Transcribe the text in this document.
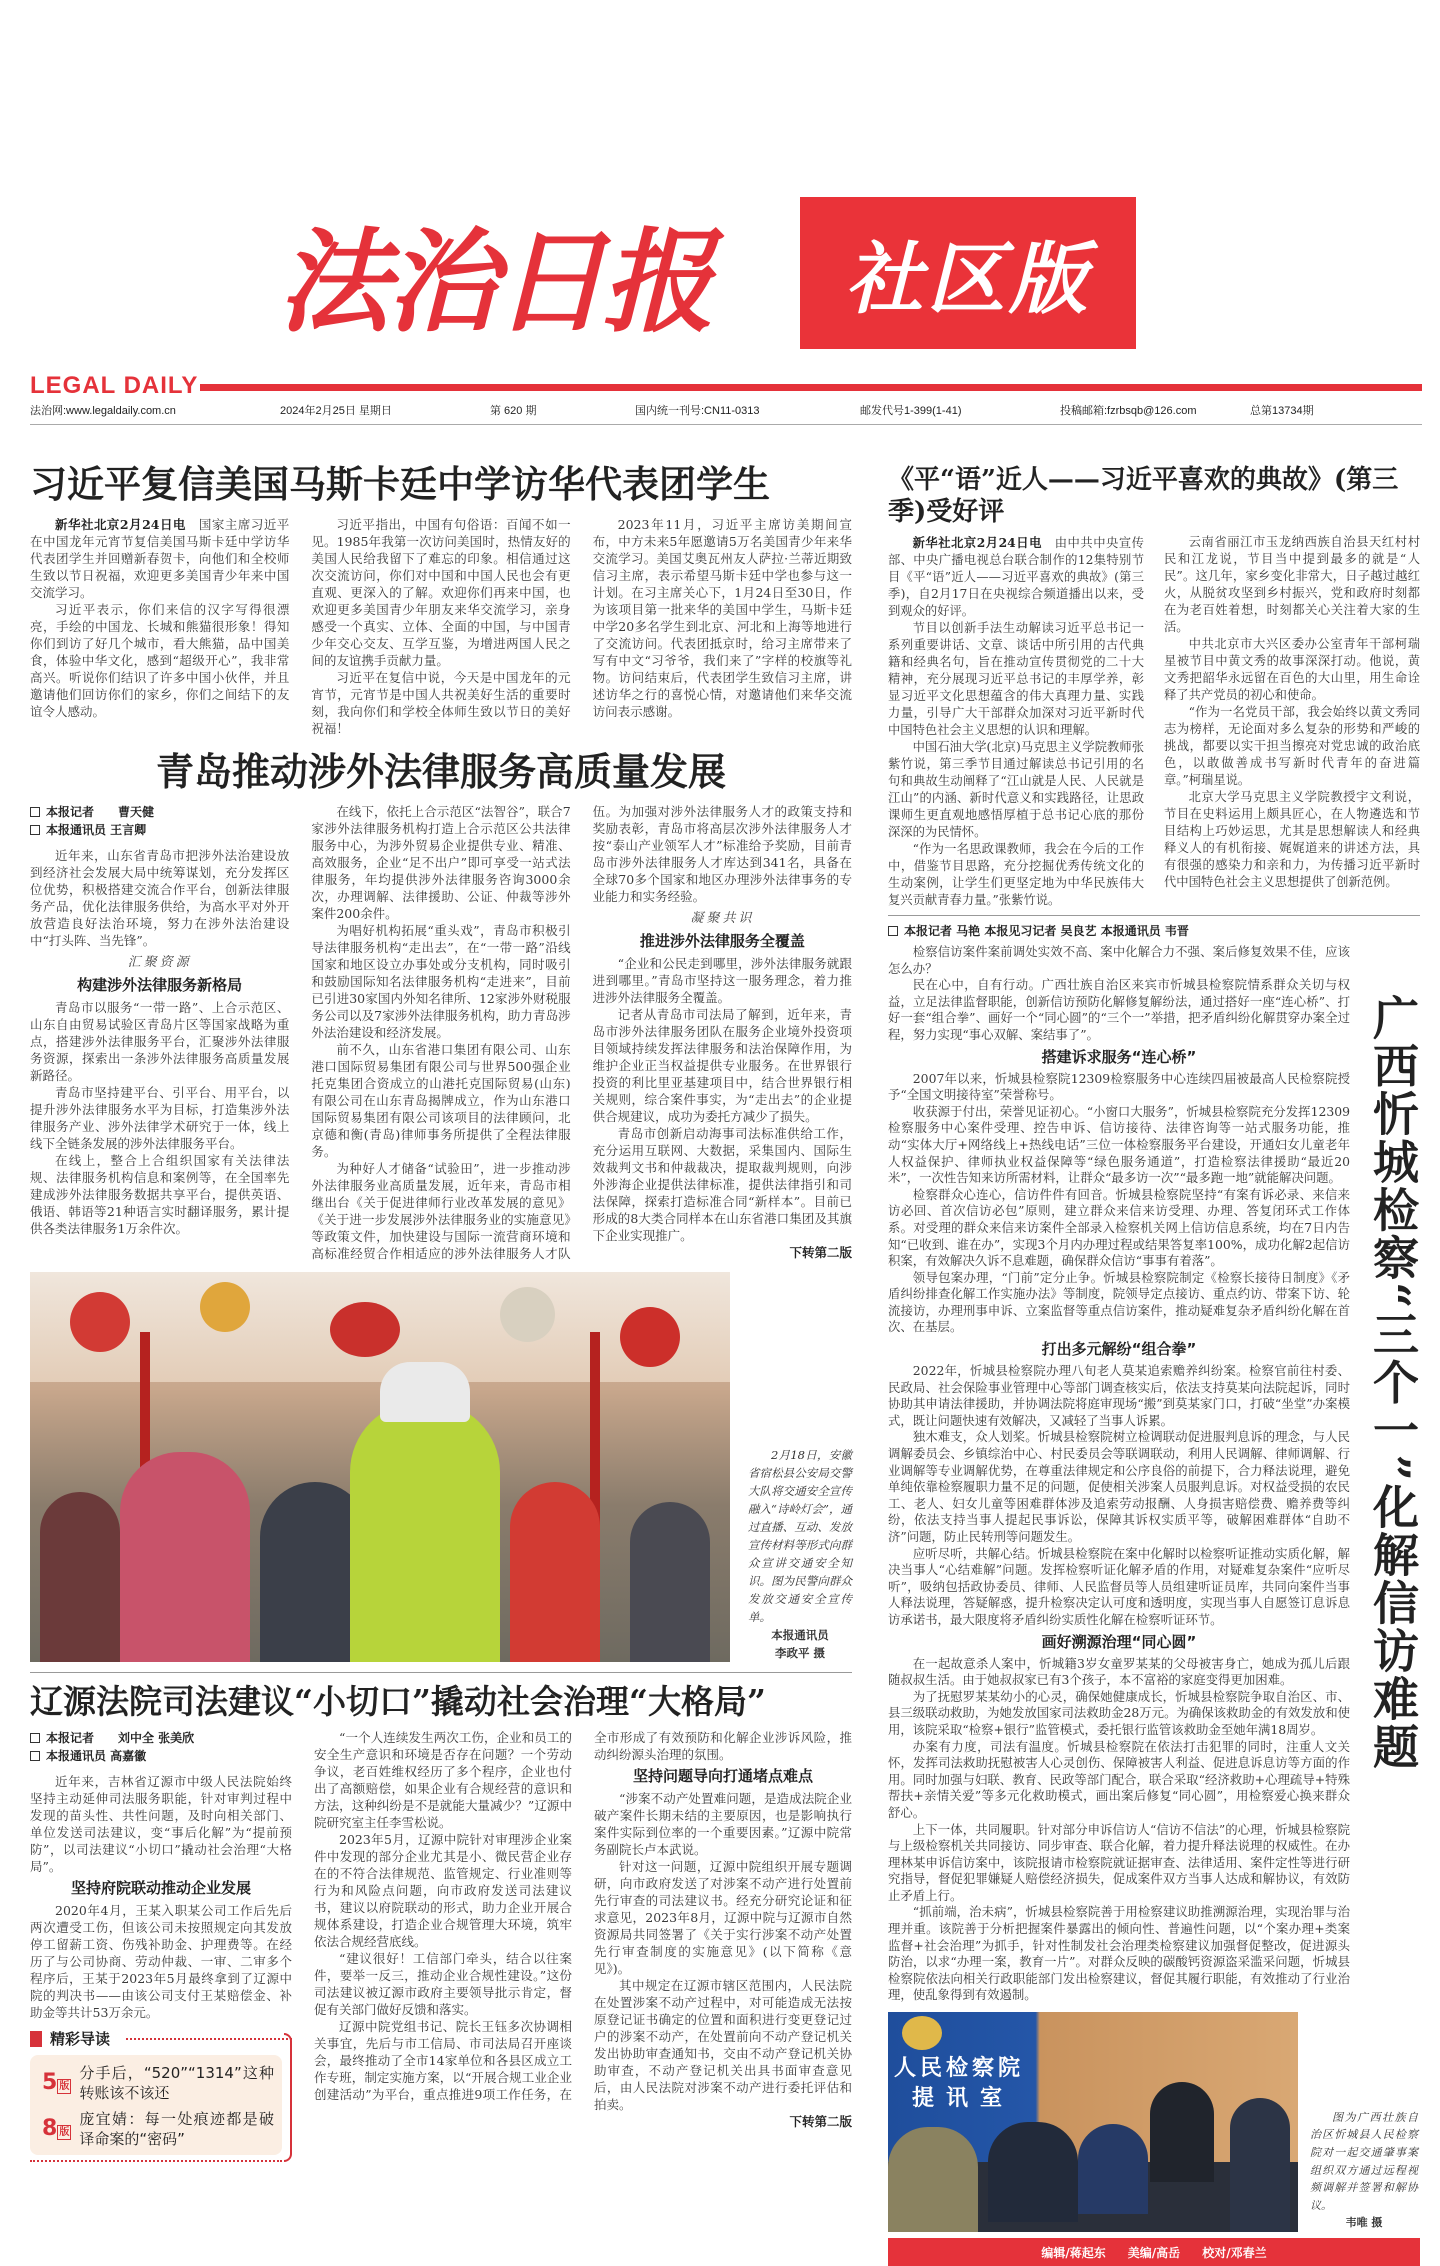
法治日报	社区版
LEGAL DAILY
法治网:www.legaldaily.com.cn	2024年2月25日 星期日	第 620 期	国内统一刊号:CN11-0313	邮发代号1-399(1-41)	投稿邮箱:fzrbsqb@126.com	总第13734期
习近平复信美国马斯卡廷中学访华代表团学生

新华社北京2月24日电　 国家主席习近平在中国龙年元宵节复信美国马斯卡廷中学访华代表团学生并回赠新春贺卡，向他们和全校师生致以节日祝福，欢迎更多美国青少年来中国交流学习。

习近平表示，你们来信的汉字写得很漂亮，手绘的中国龙、长城和熊猫很形象！得知你们到访了好几个城市，看大熊猫，品中国美食，体验中华文化，感到“超级开心”，我非常高兴。听说你们结识了许多中国小伙伴，并且邀请他们回访你们的家乡，你们之间结下的友谊令人感动。

习近平指出，中国有句俗语：百闻不如一见。1985年我第一次访问美国时，热情友好的美国人民给我留下了难忘的印象。相信通过这次交流访问，你们对中国和中国人民也会有更直观、更深入的了解。欢迎你们再来中国，也欢迎更多美国青少年朋友来华交流学习，亲身感受一个真实、立体、全面的中国，与中国青少年交心交友、互学互鉴，为增进两国人民之间的友谊携手贡献力量。

习近平在复信中说，今天是中国龙年的元宵节，元宵节是中国人共祝美好生活的重要时刻，我向你们和学校全体师生致以节日的美好祝福！

2023年11月，习近平主席访美期间宣布，中方未来5年愿邀请5万名美国青少年来华交流学习。美国艾奥瓦州友人萨拉·兰蒂近期致信习主席，表示希望马斯卡廷中学也参与这一计划。在习主席关心下，1月24日至30日，作为该项目第一批来华的美国中学生，马斯卡廷中学20多名学生到北京、河北和上海等地进行了交流访问。代表团抵京时，给习主席带来了写有中文“习爷爷，我们来了”字样的校旗等礼物。访问结束后，代表团学生致信习主席，讲述访华之行的喜悦心情，对邀请他们来华交流访问表示感谢。

青岛推动涉外法律服务高质量发展
本报记者　　曹天健
本报通讯员 王言卿

近年来，山东省青岛市把涉外法治建设放到经济社会发展大局中统筹谋划，充分发挥区位优势，积极搭建交流合作平台，创新法律服务产品，优化法律服务供给，为高水平对外开放营造良好法治环境，努力在涉外法治建设中“打头阵、当先锋”。

汇聚资源
构建涉外法律服务新格局

青岛市以服务“一带一路”、上合示范区、山东自由贸易试验区青岛片区等国家战略为重点，搭建涉外法律服务平台，汇聚涉外法律服务资源，探索出一条涉外法律服务高质量发展新路径。

青岛市坚持建平台、引平台、用平台，以提升涉外法律服务水平为目标，打造集涉外法律服务产业、涉外法律学术研究于一体，线上线下全链条发展的涉外法律服务平台。

在线上，整合上合组织国家有关法律法规、法律服务机构信息和案例等，在全国率先建成涉外法律服务数据共享平台，提供英语、俄语、韩语等21种语言实时翻译服务，累计提供各类法律服务1万余件次。

在线下，依托上合示范区“法智谷”，联合7家涉外法律服务机构打造上合示范区公共法律服务中心，为涉外贸易企业提供专业、精准、高效服务，企业“足不出户”即可享受一站式法律服务，年均提供涉外法律服务咨询3000余次，办理调解、法律援助、公证、仲裁等涉外案件200余件。

为唱好机构拓展“重头戏”，青岛市积极引导法律服务机构“走出去”，在“一带一路”沿线国家和地区设立办事处或分支机构，同时吸引和鼓励国际知名法律服务机构“走进来”，目前已引进30家国内外知名律所、12家涉外财税服务公司以及7家涉外法律服务机构，助力青岛涉外法治建设和经济发展。

前不久，山东省港口集团有限公司、山东港口国际贸易集团有限公司与世界500强企业托克集团合资成立的山港托克国际贸易(山东)有限公司在山东青岛揭牌成立，作为山东港口国际贸易集团有限公司该项目的法律顾问，北京德和衡(青岛)律师事务所提供了全程法律服务。

为种好人才储备“试验田”，进一步推动涉外法律服务业高质量发展，近年来，青岛市相继出台《关于促进律师行业改革发展的意见》《关于进一步发展涉外法律服务业的实施意见》等政策文件，加快建设与国际一流营商环境和高标准经贸合作相适应的涉外法律服务人才队伍。为加强对涉外法律服务人才的政策支持和奖励表彰，青岛市将高层次涉外法律服务人才按“泰山产业领军人才”标准给予奖励，目前青岛市涉外法律服务人才库达到341名，具备在全球70多个国家和地区办理涉外法律事务的专业能力和实务经验。

凝聚共识
推进涉外法律服务全覆盖

“企业和公民走到哪里，涉外法律服务就跟进到哪里。”青岛市坚持这一服务理念，着力推进涉外法律服务全覆盖。

记者从青岛市司法局了解到，近年来，青岛市涉外法律服务团队在服务企业境外投资项目领域持续发挥法律服务和法治保障作用，为维护企业正当权益提供专业服务。在世界银行投资的利比里亚基建项目中，结合世界银行相关规则，综合案件事实，为“走出去”的企业提供合规建议，成功为委托方减少了损失。

青岛市创新启动海事司法标准供给工作，充分运用互联网、大数据，采集国内、国际生效裁判文书和仲裁裁决，提取裁判规则，向涉外涉海企业提供法律标准，提供法律指引和司法保障，探索打造标准合同“新样本”。目前已形成的8大类合同样本在山东省港口集团及其旗下企业实现推广。

下转第二版

2月18日，安徽省宿松县公安局交警大队将交通安全宣传融入“诗岭灯会”，通过直播、互动、发放宣传材料等形式向群众宣讲交通安全知识。图为民警向群众发放交通安全宣传单。

本报通讯员

李政平 摄

辽源法院司法建议“小切口”撬动社会治理“大格局”
本报记者　　刘中全 张美欣
本报通讯员 高嘉徽

近年来，吉林省辽源市中级人民法院始终坚持主动延伸司法服务职能，针对审判过程中发现的苗头性、共性问题，及时向相关部门、单位发送司法建议，变“事后化解”为“提前预防”，以司法建议“小切口”撬动社会治理“大格局”。

坚持府院联动推动企业发展

2020年4月，王某入职某公司工作后先后两次遭受工伤，但该公司未按照规定向其发放停工留薪工资、伤残补助金、护理费等。在经历了与公司协商、劳动仲裁、一审、二审多个程序后，王某于2023年5月最终拿到了辽源中院的判决书——由该公司支付王某赔偿金、补助金等共计53万余元。

精彩导读
5 版
分手后，“520”“1314”这种转账该不该还
8 版
庞宜婧：每一处痕迹都是破译命案的“密码”

“一个人连续发生两次工伤，企业和员工的安全生产意识和环境是否存在问题？一个劳动争议，老百姓维权经历了多个程序，企业也付出了高额赔偿，如果企业有合规经营的意识和方法，这种纠纷是不是就能大量减少？”辽源中院研究室主任李雪松说。

2023年5月，辽源中院针对审理涉企业案件中发现的部分企业尤其是小、微民营企业存在的不符合法律规范、监管规定、行业准则等行为和风险点问题，向市政府发送司法建议书，建议以府院联动的形式，助力企业开展合规体系建设，打造企业合规管理大环境，筑牢依法合规经营底线。

“建议很好！工信部门牵头，结合以往案件，要举一反三，推动企业合规性建设。”这份司法建议被辽源市政府主要领导批示肯定，督促有关部门做好反馈和落实。

辽源中院党组书记、院长王钰多次协调相关事宜，先后与市工信局、市司法局召开座谈会，最终推动了全市14家单位和各县区成立工作专班，制定实施方案，以“开展合规工业企业创建活动”为平台，重点推进9项工作任务，在全市形成了有效预防和化解企业涉诉风险，推动纠纷源头治理的氛围。

坚持问题导向打通堵点难点

“涉案不动产处置难问题，是造成法院企业破产案件长期未结的主要原因，也是影响执行案件实际到位率的一个重要因素。”辽源中院常务副院长卢本武说。

针对这一问题，辽源中院组织开展专题调研，向市政府发送了对涉案不动产进行处置前先行审查的司法建议书。经充分研究论证和征求意见，2023年8月，辽源中院与辽源市自然资源局共同签署了《关于实行涉案不动产处置先行审查制度的实施意见》(以下简称《意见》)。

其中规定在辽源市辖区范围内，人民法院在处置涉案不动产过程中，对可能造成无法按原登记证书确定的位置和面积进行变更登记过户的涉案不动产，在处置前向不动产登记机关发出协助审查通知书，交由不动产登记机关协助审查，不动产登记机关出具书面审查意见后，由人民法院对涉案不动产进行委托评估和拍卖。

下转第二版
《平“语”近人——习近平喜欢的典故》(第三季)受好评

新华社北京2月24日电　 由中共中央宣传部、中央广播电视总台联合制作的12集特别节目《平“语”近人——习近平喜欢的典故》(第三季)，自2月17日在央视综合频道播出以来，受到观众的好评。

节目以创新手法生动解读习近平总书记一系列重要讲话、文章、谈话中所引用的古代典籍和经典名句，旨在推动宣传贯彻党的二十大精神，充分展现习近平总书记的丰厚学养，彰显习近平文化思想蕴含的伟大真理力量、实践力量，引导广大干部群众加深对习近平新时代中国特色社会主义思想的认识和理解。

中国石油大学(北京)马克思主义学院教师张紫竹说，第三季节目通过解读总书记引用的名句和典故生动阐释了“江山就是人民、人民就是江山”的内涵、新时代意义和实践路径，让思政课师生更直观地感悟厚植于总书记心底的那份深深的为民情怀。

“作为一名思政课教师，我会在今后的工作中，借鉴节目思路，充分挖掘优秀传统文化的生动案例，让学生们更坚定地为中华民族伟大复兴贡献青春力量。”张紫竹说。

云南省丽江市玉龙纳西族自治县天红村村民和江龙说，节目当中提到最多的就是“人民”。这几年，家乡变化非常大，日子越过越红火，从脱贫攻坚到乡村振兴，党和政府时刻都在为老百姓着想，时刻都关心关注着大家的生活。

中共北京市大兴区委办公室青年干部柯瑞星被节目中黄文秀的故事深深打动。他说，黄文秀把韶华永远留在百色的大山里，用生命诠释了共产党员的初心和使命。

“作为一名党员干部，我会始终以黄文秀同志为榜样，无论面对多么复杂的形势和严峻的挑战，都要以实干担当擦亮对党忠诚的政治底色，以敢做善成书写新时代青年的奋进篇章。”柯瑞星说。

北京大学马克思主义学院教授宇文利说，节目在史料运用上颇具匠心，在人物遴选和节目结构上巧妙运思，尤其是思想解读人和经典释义人的有机衔接、娓娓道来的讲述方法，具有很强的感染力和亲和力，为传播习近平新时代中国特色社会主义思想提供了创新范例。

本报记者 马艳 本报见习记者 吴良艺 本报通讯员 韦晋

检察信访案件案前调处实效不高、案中化解合力不强、案后修复效果不佳，应该怎么办？

民在心中，自有行动。广西壮族自治区来宾市忻城县检察院情系群众关切与权益，立足法律监督职能，创新信访预防化解修复解纷法，通过搭好一座“连心桥”、打好一套“组合拳”、画好一个“同心圆”的“三个一”举措，把矛盾纠纷化解贯穿办案全过程，努力实现“事心双解、案结事了”。

搭建诉求服务“连心桥”

2007年以来，忻城县检察院12309检察服务中心连续四届被最高人民检察院授予“全国文明接待室”荣誉称号。

收获源于付出，荣誉见证初心。“小窗口大服务”，忻城县检察院充分发挥12309检察服务中心案件受理、控告申诉、信访接待、法律咨询等一站式服务功能，推动“实体大厅+网络线上+热线电话”三位一体检察服务平台建设，开通妇女儿童老年人权益保护、律师执业权益保障等“绿色服务通道”，打造检察法律援助“最近20米”，一次性告知来访所需材料，让群众“最多访一次”“最多跑一地”就能解决问题。

检察群众心连心，信访件件有回音。忻城县检察院坚持“有案有诉必录、来信来访必回、首次信访必包”原则，建立群众来信来访受理、办理、答复闭环式工作体系。对受理的群众来信来访案件全部录入检察机关网上信访信息系统，均在7日内告知“已收到、谁在办”，实现3个月内办理过程或结果答复率100%，成功化解2起信访积案，有效解决久诉不息难题，确保群众信访“事事有着落”。

领导包案办理，“门前”定分止争。忻城县检察院制定《检察长接待日制度》《矛盾纠纷排查化解工作实施办法》等制度，院领导定点接访、重点约访、带案下访、轮流接访，办理刑事申诉、立案监督等重点信访案件，推动疑难复杂矛盾纠纷化解在首次、在基层。

打出多元解纷“组合拳”

2022年，忻城县检察院办理八旬老人莫某追索赡养纠纷案。检察官前往村委、民政局、社会保险事业管理中心等部门调查核实后，依法支持莫某向法院起诉，同时协助其申请法律援助，并协调法院将庭审现场“搬”到莫某家门口，打破“坐堂”办案模式，既让问题快速有效解决，又减轻了当事人诉累。

独木难支，众人划桨。忻城县检察院树立检调联动促进服判息诉的理念，与人民调解委员会、乡镇综治中心、村民委员会等联调联动，利用人民调解、律师调解、行业调解等专业调解优势，在尊重法律规定和公序良俗的前提下，合力释法说理，避免单纯依靠检察履职力量不足的问题，促使相关涉案人员服判息诉。对权益受损的农民工、老人、妇女儿童等困难群体涉及追索劳动报酬、人身损害赔偿费、赡养费等纠纷，依法支持当事人提起民事诉讼，保障其诉权实质平等，破解困难群体“自助不济”问题，防止民转刑等问题发生。

应听尽听，共解心结。忻城县检察院在案中化解时以检察听证推动实质化解，解决当事人“心结难解”问题。发挥检察听证化解矛盾的作用，对疑难复杂案件“应听尽听”，吸纳包括政协委员、律师、人民监督员等人员组建听证员库，共同向案件当事人释法说理，答疑解惑，提升检察决定认可度和透明度，实现当事人自愿签订息诉息访承诺书，最大限度将矛盾纠纷实质性化解在检察听证环节。

画好溯源治理“同心圆”

在一起故意杀人案中，忻城籍3岁女童罗某某的父母被害身亡，她成为孤儿后跟随叔叔生活。由于她叔叔家已有3个孩子，本不富裕的家庭变得更加困难。

为了抚慰罗某某幼小的心灵，确保她健康成长，忻城县检察院争取自治区、市、县三级联动救助，为她发放国家司法救助金28万元。为确保该救助金的有效发放和使用，该院采取“检察+银行”监管模式，委托银行监管该救助金至她年满18周岁。

办案有力度，司法有温度。忻城县检察院在依法打击犯罪的同时，注重人文关怀，发挥司法救助抚慰被害人心灵创伤、保障被害人利益、促进息诉息访等方面的作用。同时加强与妇联、教育、民政等部门配合，联合采取“经济救助+心理疏导+特殊帮扶+亲情关爱”等多元化救助模式，画出案后修复“同心圆”，用检察爱心换来群众舒心。

上下一体，共同履职。针对部分申诉信访人“信访不信法”的心理，忻城县检察院与上级检察机关共同接访、同步审查、联合化解，着力提升释法说理的权威性。在办理林某申诉信访案中，该院报请市检察院就证据审查、法律适用、案件定性等进行研究指导，督促犯罪嫌疑人赔偿经济损失，促成案件双方当事人达成和解协议，有效防止矛盾上行。

“抓前端，治未病”，忻城县检察院善于用检察建议助推溯源治理，实现治罪与治理并重。该院善于分析把握案件暴露出的倾向性、普遍性问题，以“个案办理+类案监督+社会治理”为抓手，针对性制发社会治理类检察建议加强督促整改，促进源头防治，以求“办理一案，教育一片”。对群众反映的碳酸钙资源盗采滥采问题，忻城县检察院依法向相关行政职能部门发出检察建议，督促其履行职能，有效推动了行业治理，使乱象得到有效遏制。

广西忻城检察“三个一”化解信访难题
人民检察院
提讯室

图为广西壮族自治区忻城县人民检察院对一起交通肇事案组织双方通过远程视频调解并签署和解协议。

韦唯 摄

编辑/蒋起东 美编/高岳 校对/邓春兰
